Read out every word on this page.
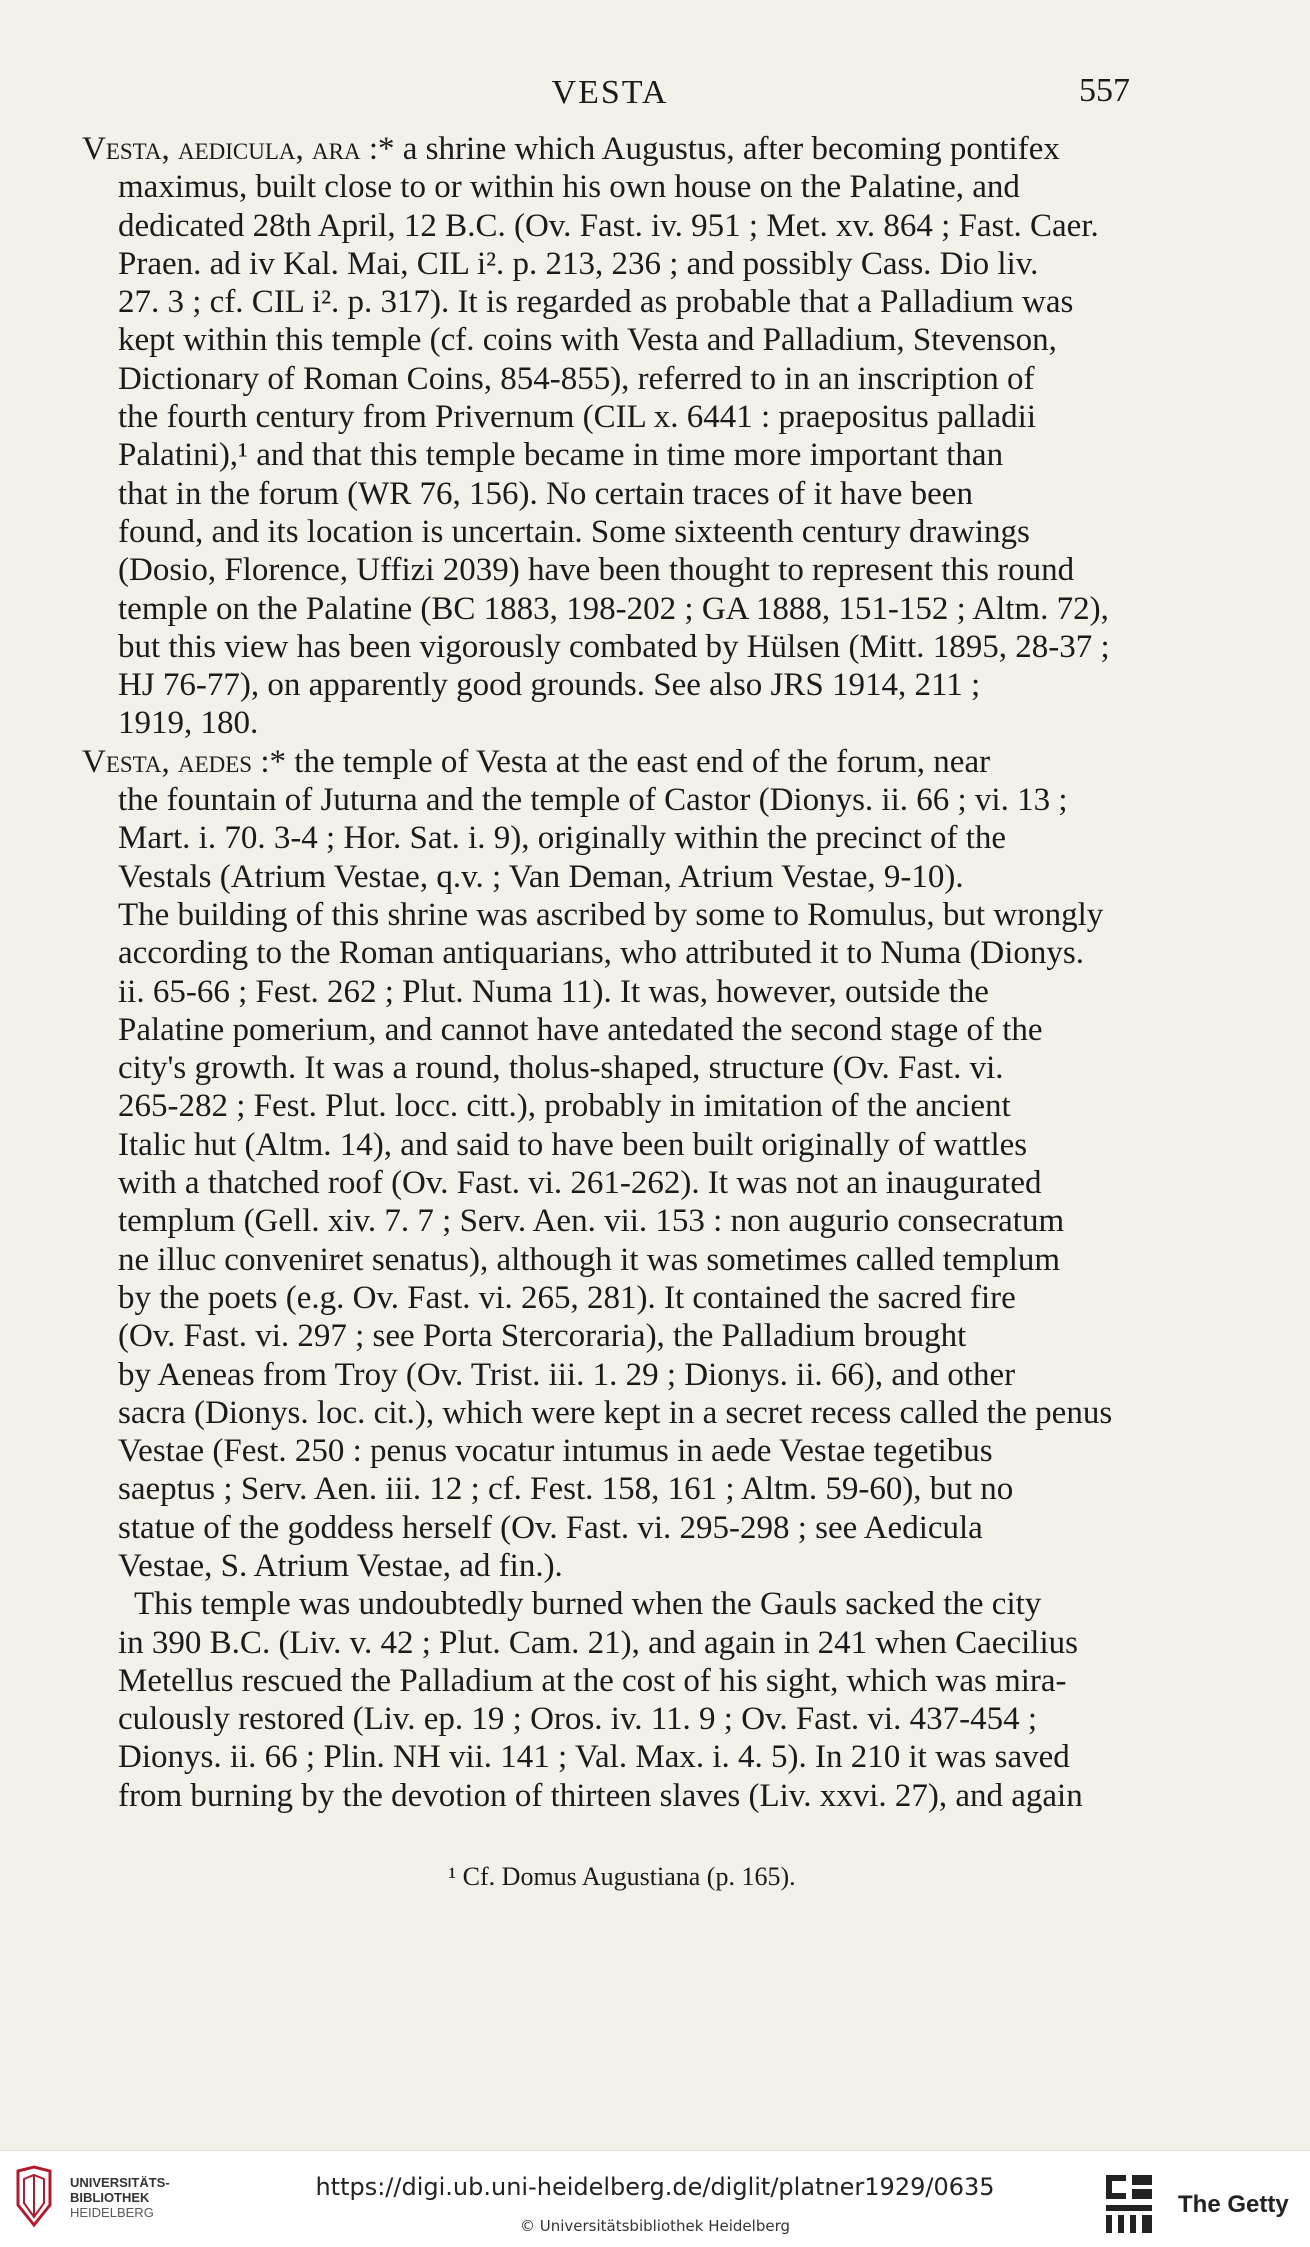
VESTA	557

Vesta, aedicula, ara :* a shrine which Augustus, after becoming pontifex
maximus, built close to or within his own house on the Palatine, and
dedicated 28th April, 12 B.C. (Ov. Fast. iv. 951 ; Met. xv. 864 ; Fast. Caer.
Praen. ad iv Kal. Mai, CIL i². p. 213, 236 ; and possibly Cass. Dio liv.
27. 3 ; cf. CIL i². p. 317). It is regarded as probable that a Palladium was
kept within this temple (cf. coins with Vesta and Palladium, Stevenson,
Dictionary of Roman Coins, 854-855), referred to in an inscription of
the fourth century from Privernum (CIL x. 6441 : praepositus palladii
Palatini),¹ and that this temple became in time more important than
that in the forum (WR 76, 156). No certain traces of it have been
found, and its location is uncertain. Some sixteenth century drawings
(Dosio, Florence, Uffizi 2039) have been thought to represent this round
temple on the Palatine (BC 1883, 198-202 ; GA 1888, 151-152 ; Altm. 72),
but this view has been vigorously combated by Hülsen (Mitt. 1895, 28-37 ;
HJ 76-77), on apparently good grounds. See also JRS 1914, 211 ;
1919, 180.

Vesta, aedes :* the temple of Vesta at the east end of the forum, near
the fountain of Juturna and the temple of Castor (Dionys. ii. 66 ; vi. 13 ;
Mart. i. 70. 3-4 ; Hor. Sat. i. 9), originally within the precinct of the
Vestals (Atrium Vestae, q.v. ; Van Deman, Atrium Vestae, 9-10).
The building of this shrine was ascribed by some to Romulus, but wrongly
according to the Roman antiquarians, who attributed it to Numa (Dionys.
ii. 65-66 ; Fest. 262 ; Plut. Numa 11). It was, however, outside the
Palatine pomerium, and cannot have antedated the second stage of the
city's growth. It was a round, tholus-shaped, structure (Ov. Fast. vi.
265-282 ; Fest. Plut. locc. citt.), probably in imitation of the ancient
Italic hut (Altm. 14), and said to have been built originally of wattles
with a thatched roof (Ov. Fast. vi. 261-262). It was not an inaugurated
templum (Gell. xiv. 7. 7 ; Serv. Aen. vii. 153 : non augurio consecratum
ne illuc conveniret senatus), although it was sometimes called templum
by the poets (e.g. Ov. Fast. vi. 265, 281). It contained the sacred fire
(Ov. Fast. vi. 297 ; see Porta Stercoraria), the Palladium brought
by Aeneas from Troy (Ov. Trist. iii. 1. 29 ; Dionys. ii. 66), and other
sacra (Dionys. loc. cit.), which were kept in a secret recess called the penus
Vestae (Fest. 250 : penus vocatur intumus in aede Vestae tegetibus
saeptus ; Serv. Aen. iii. 12 ; cf. Fest. 158, 161 ; Altm. 59-60), but no
statue of the goddess herself (Ov. Fast. vi. 295-298 ; see Aedicula
Vestae, S. Atrium Vestae, ad fin.).

This temple was undoubtedly burned when the Gauls sacked the city
in 390 B.C. (Liv. v. 42 ; Plut. Cam. 21), and again in 241 when Caecilius
Metellus rescued the Palladium at the cost of his sight, which was mira-
culously restored (Liv. ep. 19 ; Oros. iv. 11. 9 ; Ov. Fast. vi. 437-454 ;
Dionys. ii. 66 ; Plin. NH vii. 141 ; Val. Max. i. 4. 5). In 210 it was saved
from burning by the devotion of thirteen slaves (Liv. xxvi. 27), and again

¹ Cf. Domus Augustiana (p. 165).
UNIVERSITÄTS-
BIBLIOTHEK
HEIDELBERG
https://digi.ub.uni-heidelberg.de/diglit/platner1929/0635
© Universitätsbibliothek Heidelberg
The Getty
